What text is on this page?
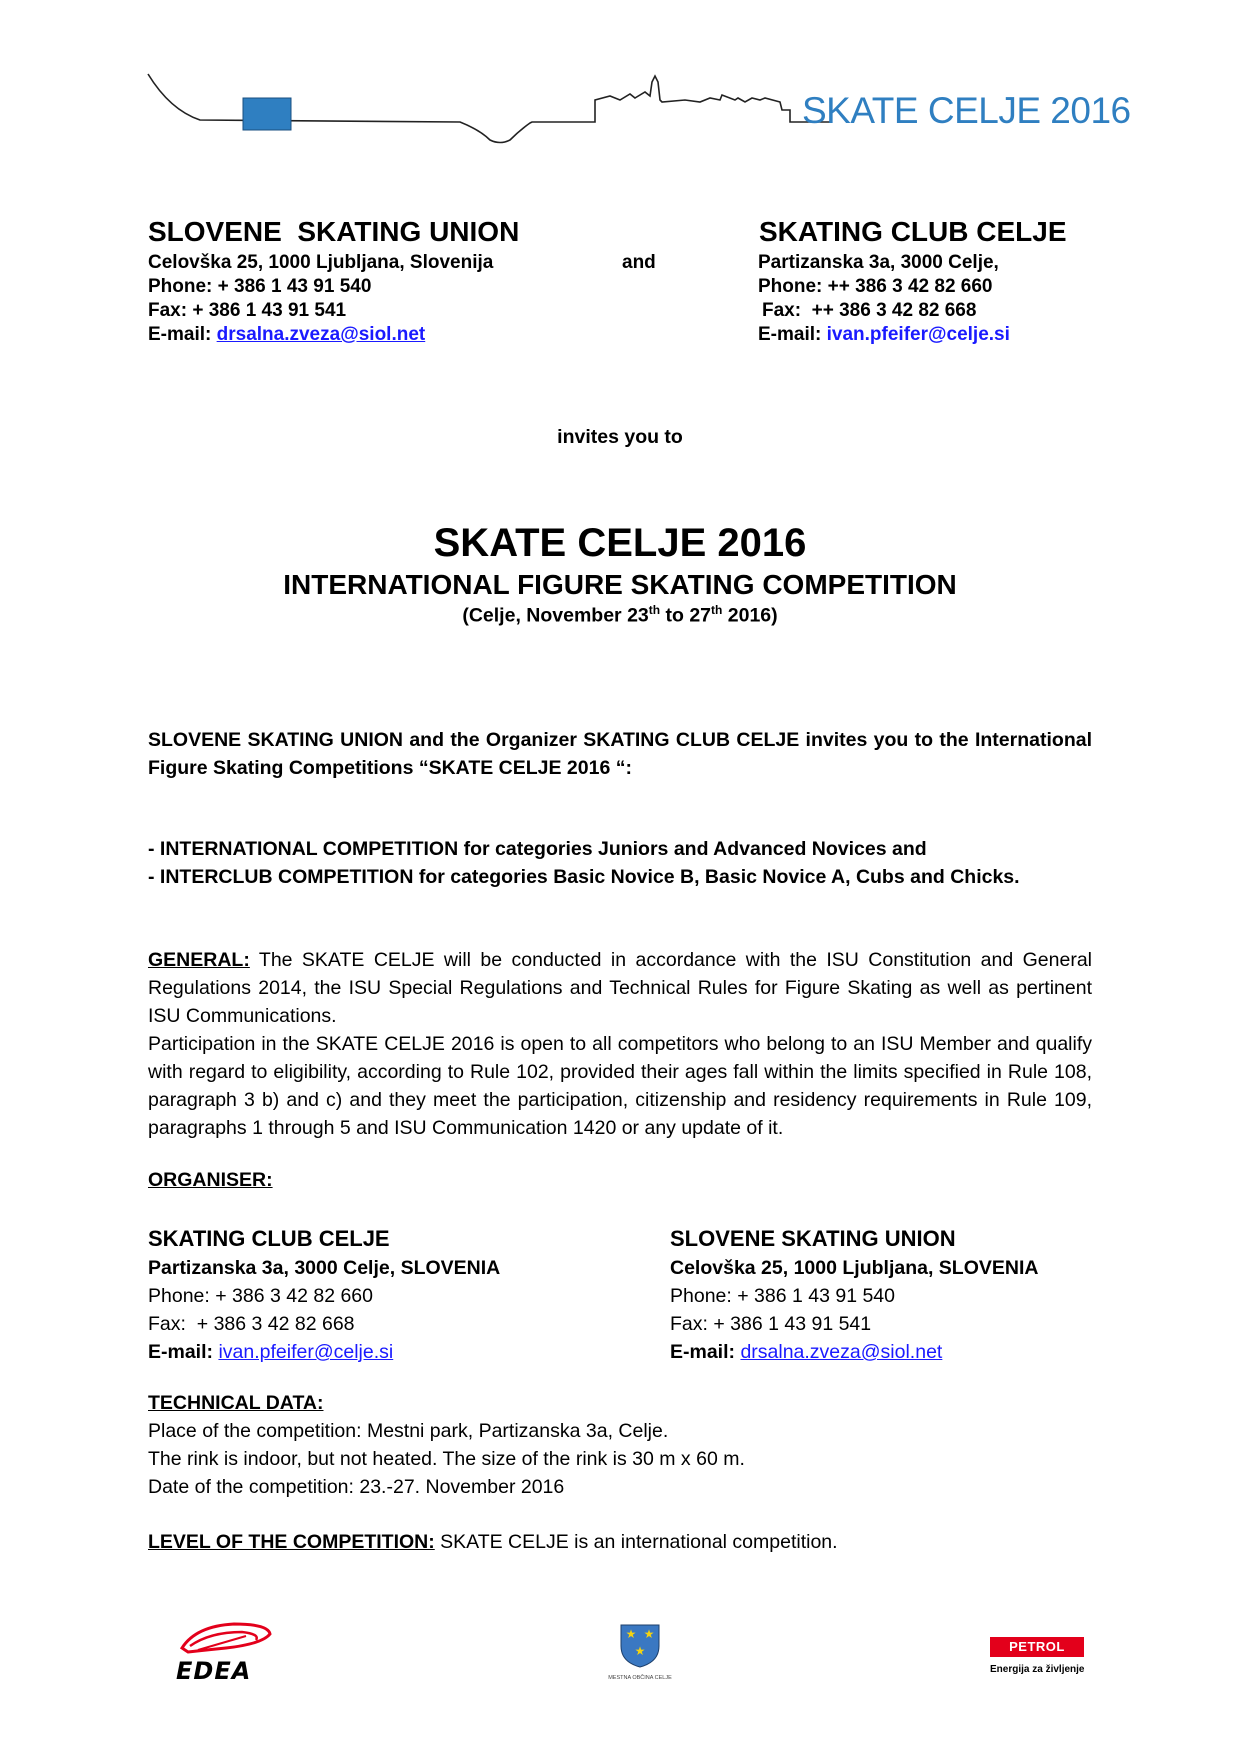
SKATE CELJE 2016
SLOVENE  SKATING UNION
Celovška 25, 1000 Ljubljana, Slovenija
Phone: + 386 1 43 91 540
Fax: + 386 1 43 91 541
E-mail: drsalna.zveza@siol.net
and
SKATING CLUB CELJE
Partizanska 3a, 3000 Celje,
Phone: ++ 386 3 42 82 660
Fax:  ++ 386 3 42 82 668
E-mail: ivan.pfeifer@celje.si
invites you to
SKATE CELJE 2016
INTERNATIONAL FIGURE SKATING COMPETITION
(Celje, November 23th to 27th 2016)
SLOVENE SKATING UNION and the Organizer SKATING CLUB CELJE invites you to the International Figure Skating Competitions “SKATE CELJE 2016 “:
- INTERNATIONAL COMPETITION for categories Juniors and Advanced Novices and
- INTERCLUB COMPETITION for categories Basic Novice B, Basic Novice A, Cubs and Chicks.
GENERAL: The SKATE CELJE will be conducted in accordance with the ISU Constitution and General Regulations 2014, the ISU Special Regulations and Technical Rules for Figure Skating as well as pertinent ISU Communications.
Participation in the SKATE CELJE 2016 is open to all competitors who belong to an ISU Member and qualify with regard to eligibility, according to Rule 102, provided their ages fall within the limits specified in Rule 108, paragraph 3 b) and c) and they meet the participation, citizenship and residency requirements in Rule 109, paragraphs 1 through 5 and ISU Communication 1420 or any update of it.
ORGANISER:
SKATING CLUB CELJE
Partizanska 3a, 3000 Celje, SLOVENIA
Phone: + 386 3 42 82 660
Fax:  + 386 3 42 82 668
E-mail: ivan.pfeifer@celje.si
SLOVENE SKATING UNION
Celovška 25, 1000 Ljubljana, SLOVENIA
Phone: + 386 1 43 91 540
Fax: + 386 1 43 91 541
E-mail: drsalna.zveza@siol.net
TECHNICAL DATA:
Place of the competition: Mestni park, Partizanska 3a, Celje.
The rink is indoor, but not heated. The size of the rink is 30 m x 60 m.
Date of the competition: 23.-27. November 2016
LEVEL OF THE COMPETITION: SKATE CELJE is an international competition.
EDEA
★ ★
★
MESTNA OBČINA CELJE
PETROL
Energija za življenje
